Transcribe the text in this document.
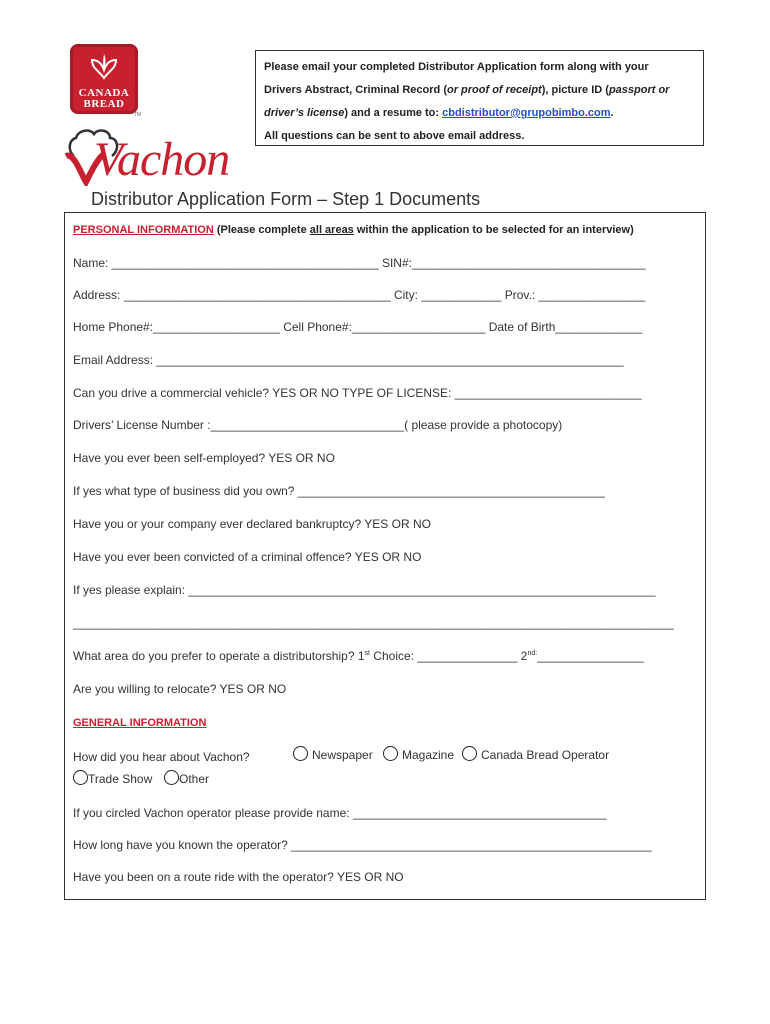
CANADA
BREAD
TM
Vachon
Please email your completed Distributor Application form along with your
Drivers Abstract, Criminal Record (or proof of receipt), picture ID (passport or
driver’s license) and a resume to: cbdistributor@grupobimbo.com.
All questions can be sent to above email address.
Distributor Application Form – Step 1 Documents
PERSONAL INFORMATION (Please complete all areas within the application to be selected for an interview)
Name: ________________________________________ SIN#:___________________________________
Address: ________________________________________ City: ____________ Prov.: ________________
Home Phone#:___________________ Cell Phone#:____________________ Date of Birth_____________
Email Address: ______________________________________________________________________
Can you drive a commercial vehicle? YES OR NO TYPE OF LICENSE: ____________________________
Drivers’ License Number :_____________________________( please provide a photocopy)
Have you ever been self-employed? YES OR NO
If yes what type of business did you own? ______________________________________________
Have you or your company ever declared bankruptcy? YES OR NO
Have you ever been convicted of a criminal offence? YES OR NO
If yes please explain: ______________________________________________________________________
__________________________________________________________________________________________
What area do you prefer to operate a distributorship? 1st Choice: _______________ $2^{nd:}\_\_\_\_\_\_\_\_\_\_\_\_\_\_\_\_$
Are you willing to relocate? YES OR NO
GENERAL INFORMATION
How did you hear about Vachon?	Newspaper	Magazine	Canada Bread Operator
Trade Show	Other
If you circled Vachon operator please provide name: ______________________________________
How long have you known the operator? ______________________________________________________
Have you been on a route ride with the operator? YES OR NO
